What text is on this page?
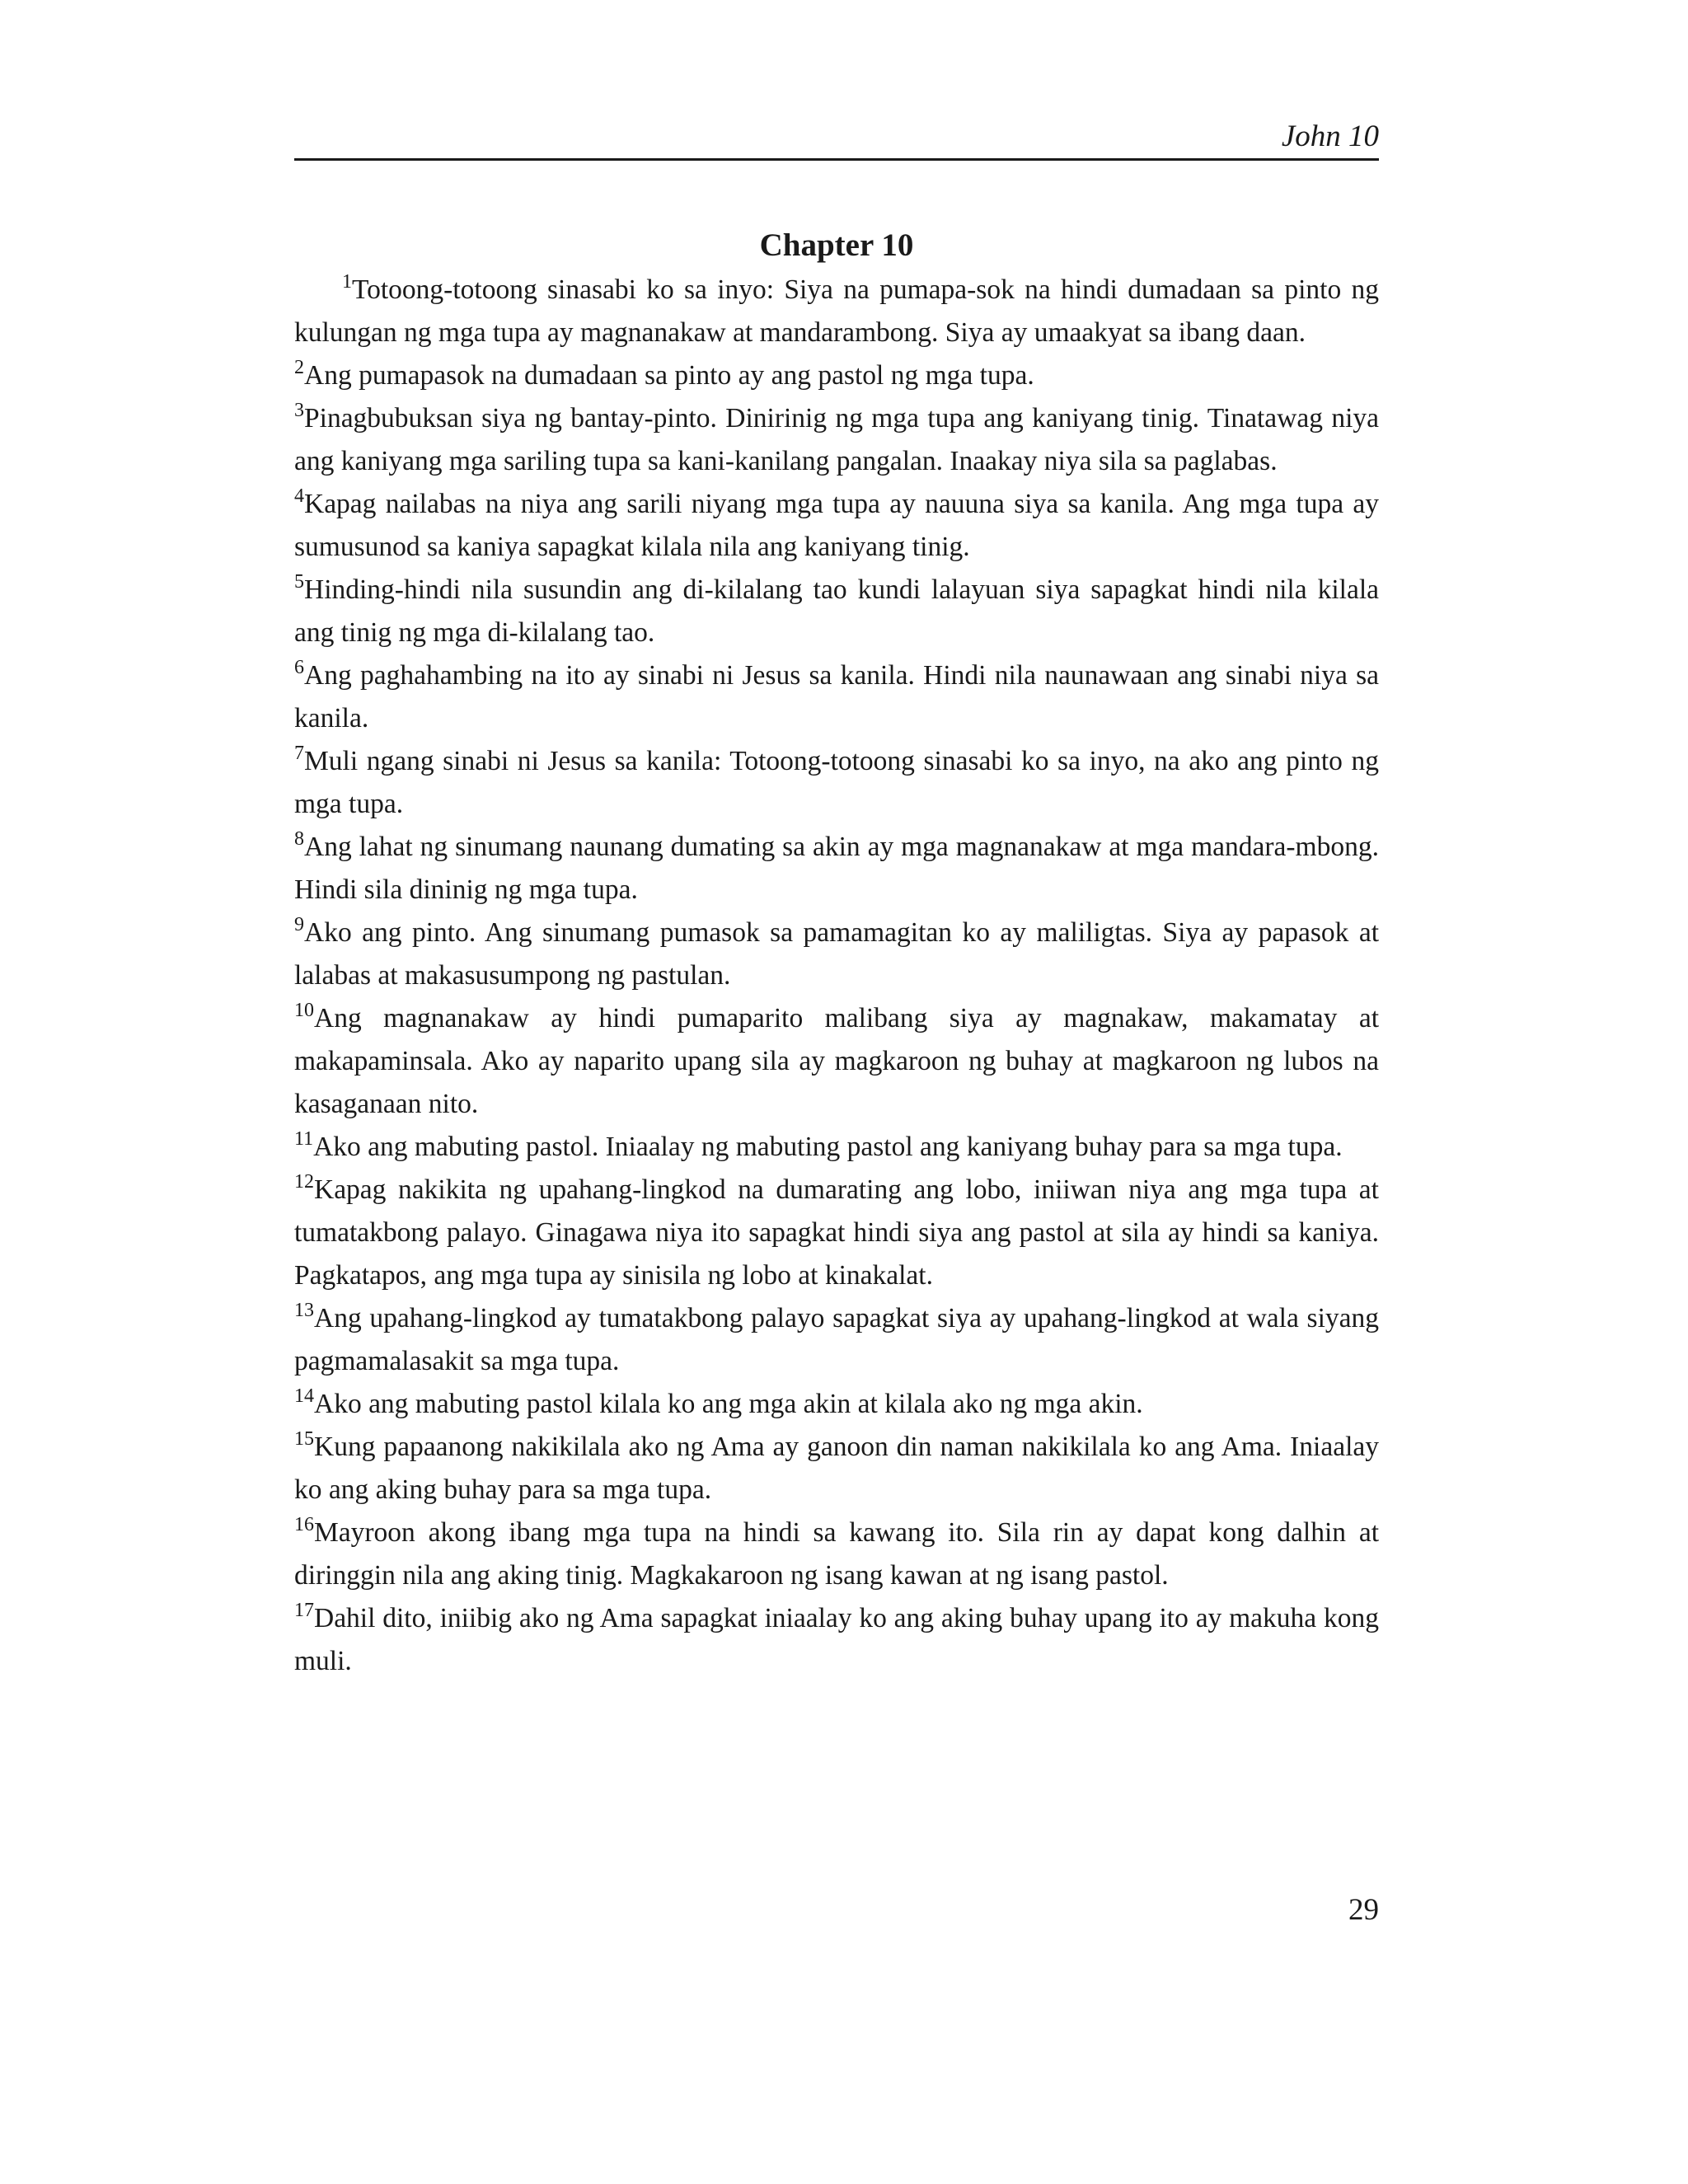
John 10
Chapter 10

$^1$Totoong-totoong sinasabi ko sa inyo: Siya na pumapa-sok na hindi dumadaan sa pinto ng kulungan ng mga tupa ay magnanakaw at mandarambong. Siya ay umaakyat sa ibang daan.

$^2$Ang pumapasok na dumadaan sa pinto ay ang pastol ng mga tupa.

$^3$Pinagbubuksan siya ng bantay-pinto. Dinirinig ng mga tupa ang kaniyang tinig. Tinatawag niya ang kaniyang mga sariling tupa sa kani-kanilang pangalan. Inaakay niya sila sa paglabas.

$^4$Kapag nailabas na niya ang sarili niyang mga tupa ay nauuna siya sa kanila. Ang mga tupa ay sumusunod sa kaniya sapagkat kilala nila ang kaniyang tinig.

$^5$Hinding-hindi nila susundin ang di-kilalang tao kundi lalayuan siya sapagkat hindi nila kilala ang tinig ng mga di-kilalang tao.

$^6$Ang paghahambing na ito ay sinabi ni Jesus sa kanila. Hindi nila naunawaan ang sinabi niya sa kanila.

$^7$Muli ngang sinabi ni Jesus sa kanila: Totoong-totoong sinasabi ko sa inyo, na ako ang pinto ng mga tupa.

$^8$Ang lahat ng sinumang naunang dumating sa akin ay mga magnanakaw at mga mandara-mbong. Hindi sila dininig ng mga tupa.

$^9$Ako ang pinto. Ang sinumang pumasok sa pamamagitan ko ay maliligtas. Siya ay papasok at lalabas at makasusumpong ng pastulan.

$^{10}$Ang magnanakaw ay hindi pumaparito malibang siya ay magnakaw, makamatay at makapaminsala. Ako ay naparito upang sila ay magkaroon ng buhay at magkaroon ng lubos na kasaganaan nito.

$^{11}$Ako ang mabuting pastol. Iniaalay ng mabuting pastol ang kaniyang buhay para sa mga tupa.

$^{12}$Kapag nakikita ng upahang-lingkod na dumarating ang lobo, iniiwan niya ang mga tupa at tumatakbong palayo. Ginagawa niya ito sapagkat hindi siya ang pastol at sila ay hindi sa kaniya. Pagkatapos, ang mga tupa ay sinisila ng lobo at kinakalat.

$^{13}$Ang upahang-lingkod ay tumatakbong palayo sapagkat siya ay upahang-lingkod at wala siyang pagmamalasakit sa mga tupa.

$^{14}$Ako ang mabuting pastol kilala ko ang mga akin at kilala ako ng mga akin.

$^{15}$Kung papaanong nakikilala ako ng Ama ay ganoon din naman nakikilala ko ang Ama. Iniaalay ko ang aking buhay para sa mga tupa.

$^{16}$Mayroon akong ibang mga tupa na hindi sa kawang ito. Sila rin ay dapat kong dalhin at diringgin nila ang aking tinig. Magkakaroon ng isang kawan at ng isang pastol.

$^{17}$Dahil dito, iniibig ako ng Ama sapagkat iniaalay ko ang aking buhay upang ito ay makuha kong muli.

29
